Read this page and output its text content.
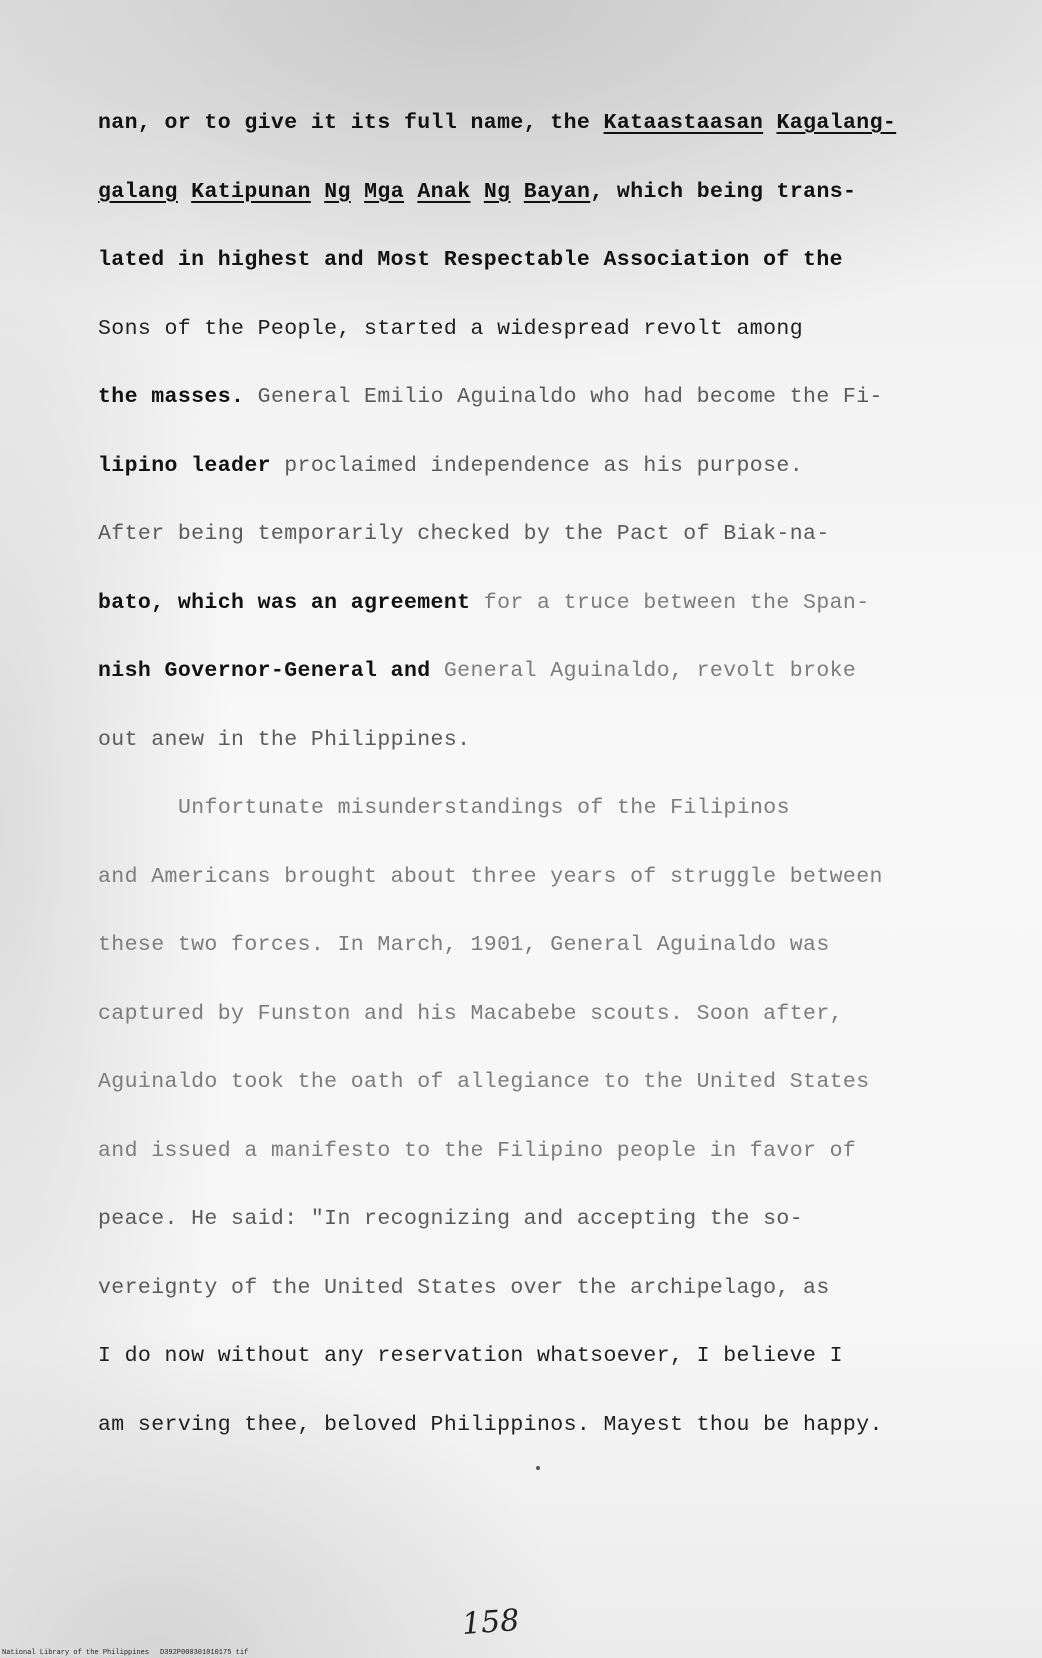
nan, or to give it its full name, the Kataastaasan Kagalang-
galang Katipunan Ng Mga Anak Ng Bayan, which being trans-
lated in highest and Most Respectable Association of the
Sons of the People, started a widespread revolt among
the masses. General Emilio Aguinaldo who had become the Fi-
lipino leader proclaimed independence as his purpose.
After being temporarily checked by the Pact of Biak-na-
bato, which was an agreement for a truce between the Span-
nish Governor-General and General Aguinaldo, revolt broke
out anew in the Philippines.
Unfortunate misunderstandings of the Filipinos
and Americans brought about three years of struggle between
these two forces. In March, 1901, General Aguinaldo was
captured by Funston and his Macabebe scouts. Soon after,
Aguinaldo took the oath of allegiance to the United States
and issued a manifesto to the Filipino people in favor of
peace. He said: "In recognizing and accepting the so-
vereignty of the United States over the archipelago, as
I do now without any reservation whatsoever, I believe I
am serving thee, beloved Philippinos. Mayest thou be happy.
158
National Library of the Philippines D392P000301010175 tif
